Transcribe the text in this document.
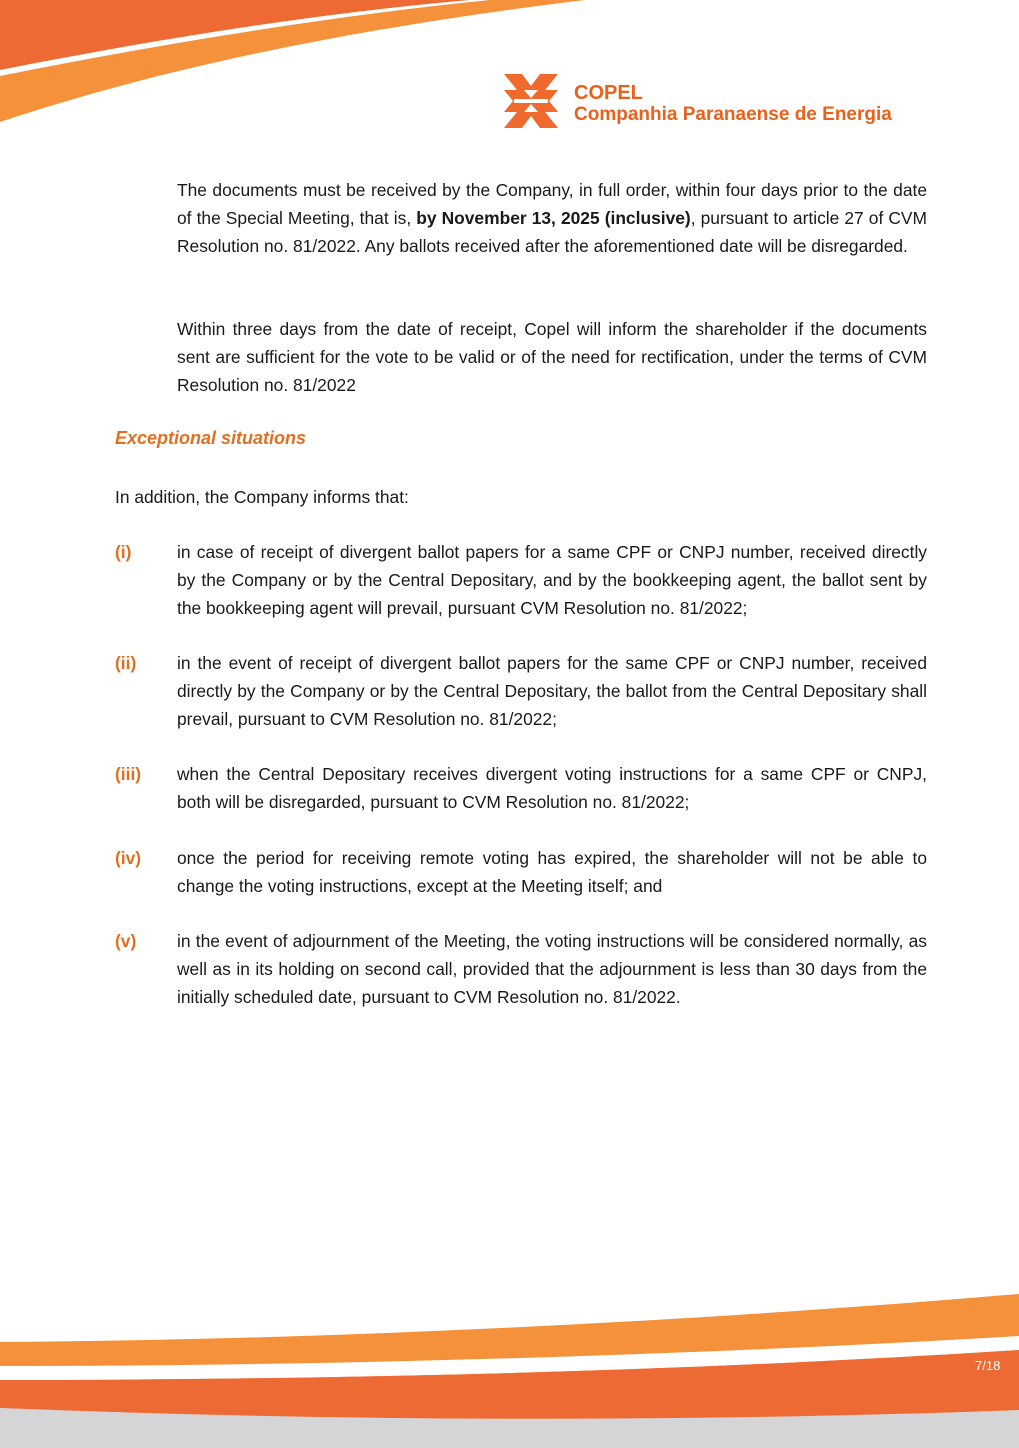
COPEL
Companhia Paranaense de Energia

The documents must be received by the Company, in full order, within four days prior to the date of the Special Meeting, that is, by November 13, 2025 (inclusive), pursuant to article 27 of CVM Resolution no. 81/2022. Any ballots received after the aforementioned date will be disregarded.

Within three days from the date of receipt, Copel will inform the shareholder if the documents sent are sufficient for the vote to be valid or of the need for rectification, under the terms of CVM Resolution no. 81/2022

Exceptional situations

In addition, the Company informs that:

(i)	in case of receipt of divergent ballot papers for a same CPF or CNPJ number, received directly by the Company or by the Central Depositary, and by the bookkeeping agent, the ballot sent by the bookkeeping agent will prevail, pursuant CVM Resolution no. 81/2022;

(ii) in the event of receipt of divergent ballot papers for the same CPF or CNPJ number, received directly by the Company or by the Central Depositary, the ballot from the Central Depositary shall prevail, pursuant to CVM Resolution no. 81/2022;

(iii) when the Central Depositary receives divergent voting instructions for a same CPF or CNPJ, both will be disregarded, pursuant to CVM Resolution no. 81/2022;

(iv) once the period for receiving remote voting has expired, the shareholder will not be able to change the voting instructions, except at the Meeting itself; and

(v) in the event of adjournment of the Meeting, the voting instructions will be considered normally, as well as in its holding on second call, provided that the adjournment is less than 30 days from the initially scheduled date, pursuant to CVM Resolution no. 81/2022.

7/18
